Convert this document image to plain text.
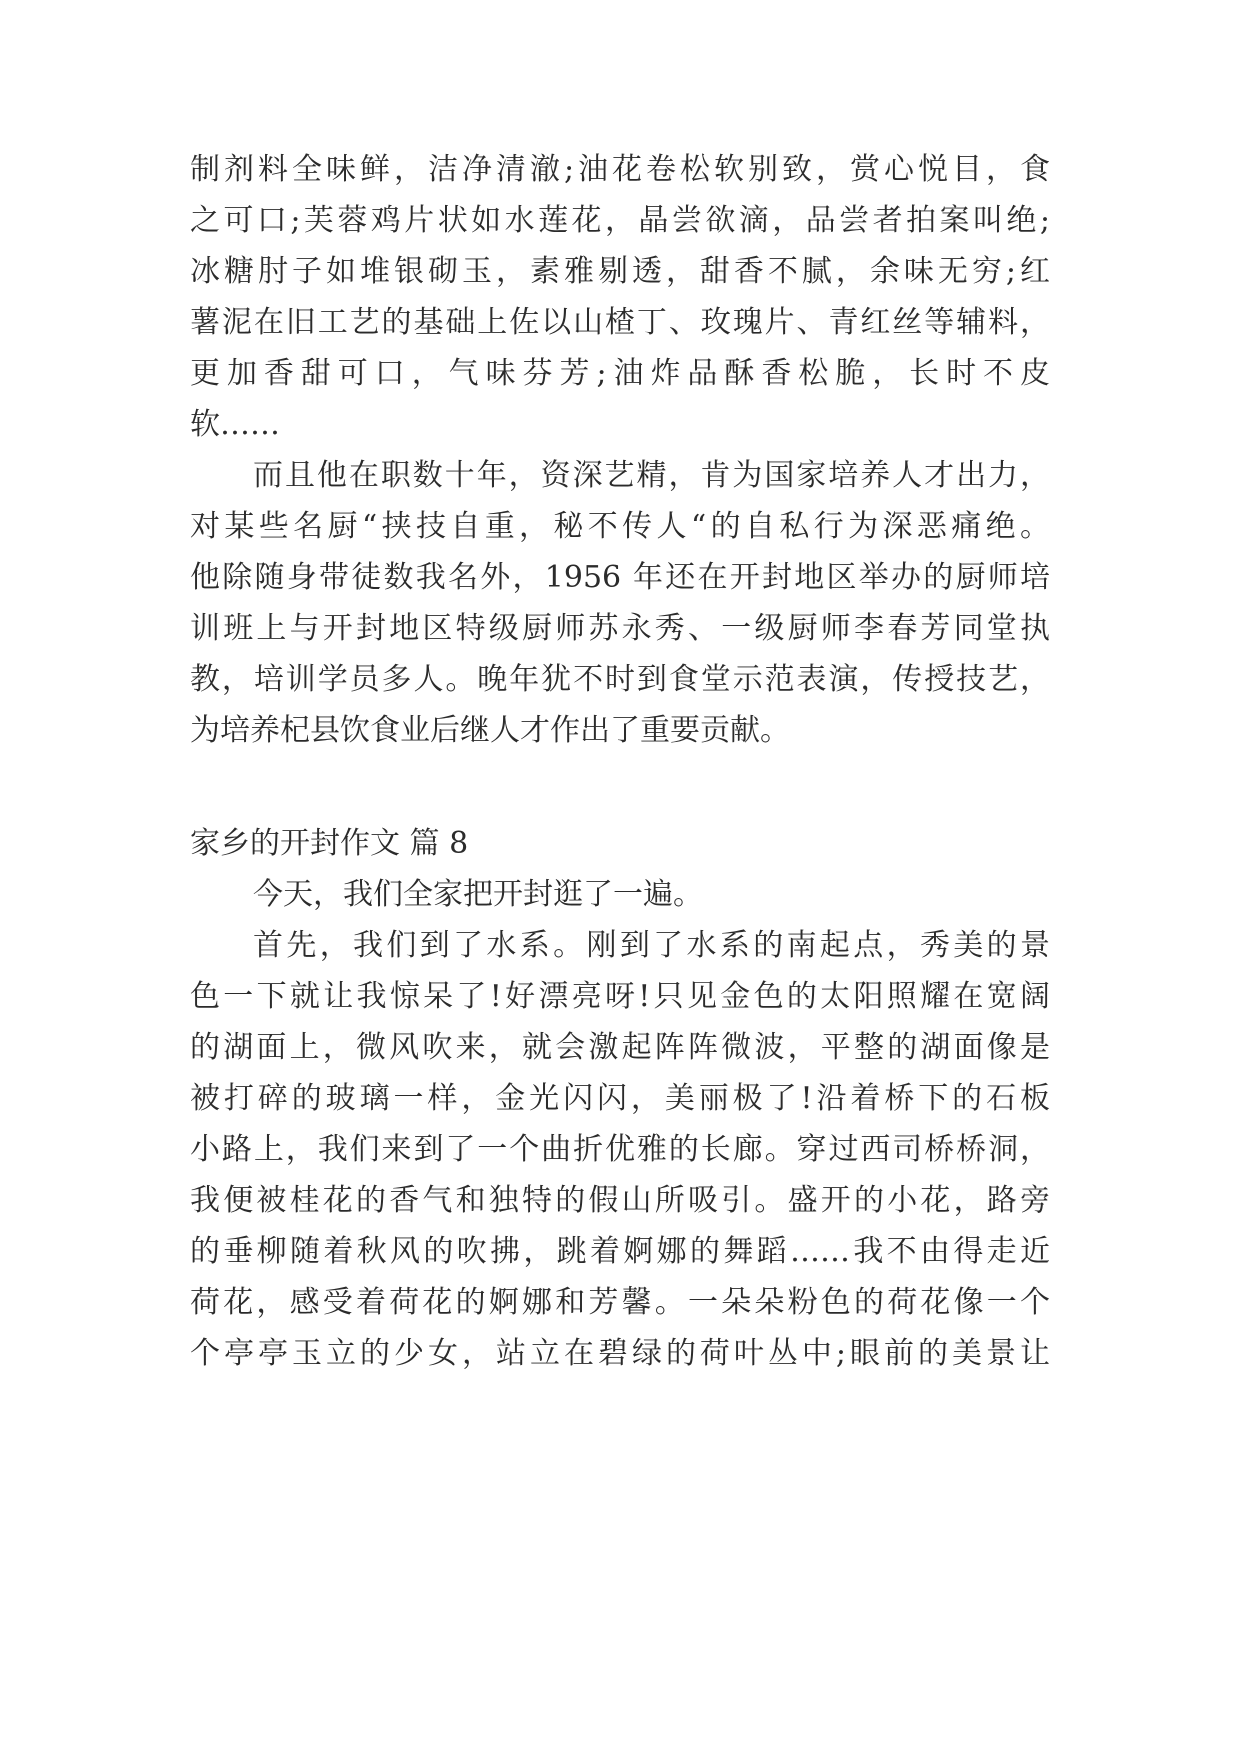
制剂料全味鲜，洁净清澈;油花卷松软别致，赏心悦目，食
之可口;芙蓉鸡片状如水莲花，晶尝欲滴，品尝者拍案叫绝;
冰糖肘子如堆银砌玉，素雅剔透，甜香不腻，余味无穷;红
薯泥在旧工艺的基础上佐以山楂丁、玫瑰片、青红丝等辅料，
更加香甜可口，气味芬芳;油炸品酥香松脆，长时不皮
软……
而且他在职数十年，资深艺精，肯为国家培养人才出力，
对某些名厨“挟技自重，秘不传人“的自私行为深恶痛绝。
他除随身带徒数我名外，1956 年还在开封地区举办的厨师培
训班上与开封地区特级厨师苏永秀、一级厨师李春芳同堂执
教，培训学员多人。晚年犹不时到食堂示范表演，传授技艺，
为培养杞县饮食业后继人才作出了重要贡献。
家乡的开封作文 篇 8
今天，我们全家把开封逛了一遍。
首先，我们到了水系。刚到了水系的南起点，秀美的景
色一下就让我惊呆了!好漂亮呀!只见金色的太阳照耀在宽阔
的湖面上，微风吹来，就会激起阵阵微波，平整的湖面像是
被打碎的玻璃一样，金光闪闪，美丽极了!沿着桥下的石板
小路上，我们来到了一个曲折优雅的长廊。穿过西司桥桥洞，
我便被桂花的香气和独特的假山所吸引。盛开的小花，路旁
的垂柳随着秋风的吹拂，跳着婀娜的舞蹈……我不由得走近
荷花，感受着荷花的婀娜和芳馨。一朵朵粉色的荷花像一个
个亭亭玉立的少女，站立在碧绿的荷叶丛中;眼前的美景让
